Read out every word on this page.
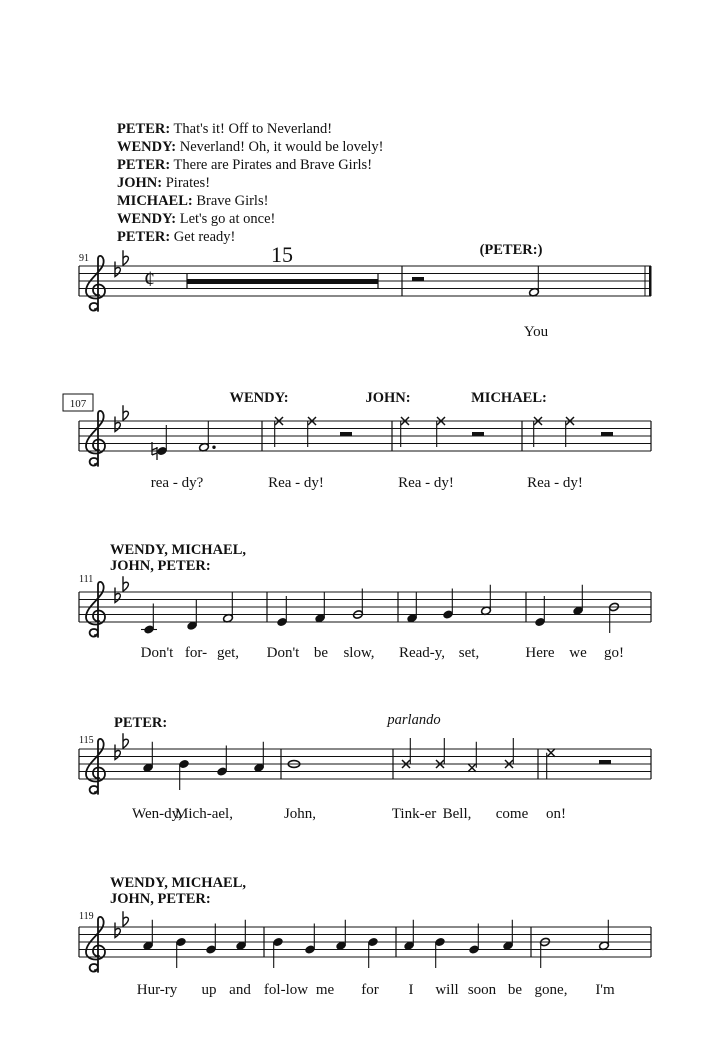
PETER: That's it! Off to Neverland!
WENDY: Neverland! Oh, it would be lovely!
PETER: There are Pirates and Brave Girls!
JOHN: Pirates!
MICHAEL: Brave Girls!
WENDY: Let's go at once!
PETER: Get ready!
91
¢
15	(PETER:)
You
107	WENDY:	JOHN:	MICHAEL:
rea - dy?	Rea - dy!	Rea - dy!	Rea - dy!
111
WENDY, MICHAEL,
JOHN, PETER:
Don't for- get, Don't be slow, Read-y, set,	Here we go!
115
PETER:	parlando
Wen-dy,
Mich-ael,	John,	Tink-er Bell, come on!
119
WENDY, MICHAEL,
JOHN, PETER:
Hur-ry up and fol-low me for I will soon be gone, I'm
